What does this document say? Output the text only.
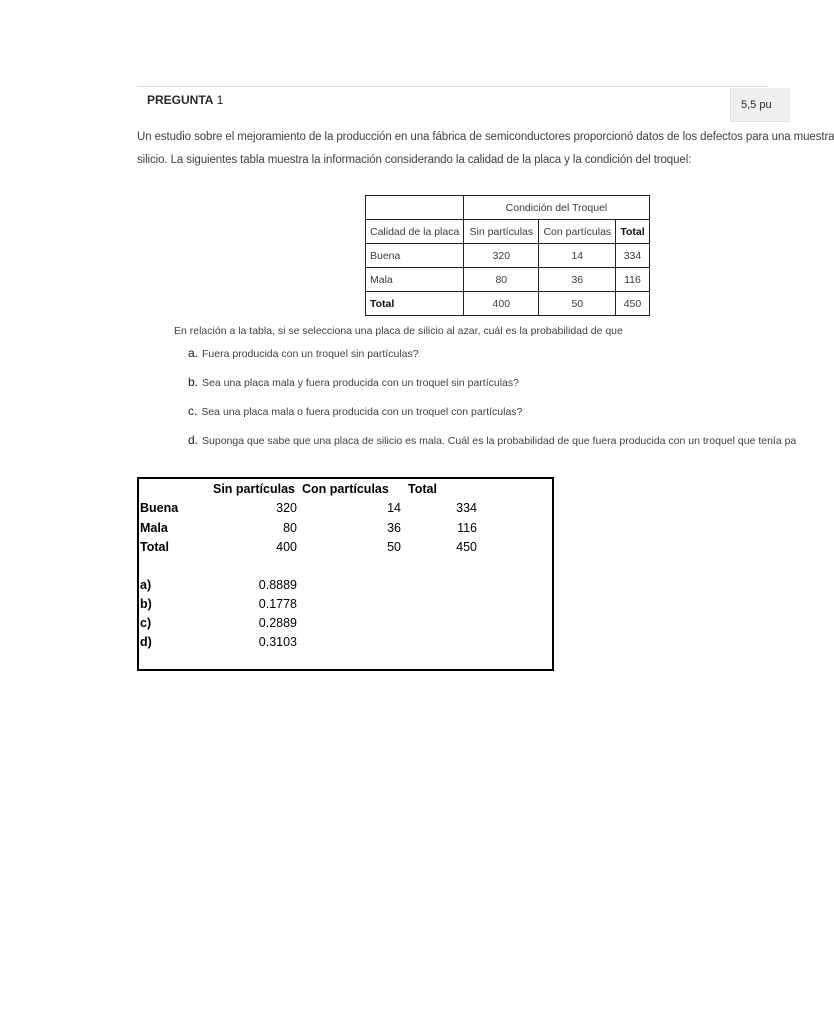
PREGUNTA 1	5,5 pu
Un estudio sobre el mejoramiento de la producción en una fábrica de semiconductores proporcionó datos de los defectos para una muestra
silicio. La siguientes tabla muestra la información considerando la calidad de la placa y la condición del troquel:
	Condición del Troquel		
Calidad de la placa	Sin partículas	Con partículas	Total
Buena	320	14	334
Mala	80	36	116
Total	400	50	450
En relación a la tabla, si se selecciona una placa de silicio al azar, cuál es la probabilidad de que
a. Fuera producida con un troquel sin partículas?
b. Sea una placa mala y fuera producida con un troquel sin partículas?
c. Sea una placa mala o fuera producida con un troquel con partículas?
d. Suponga que sabe que una placa de silicio es mala. Cuál es la probabilidad de que fuera producida con un troquel que tenía pa
Sin partículas Con partículas Total
Buena	320	14	334
Mala	80	36	116
Total	400	50	450
a)	0.8889
b)	0.1778
c)	0.2889
d)	0.3103
